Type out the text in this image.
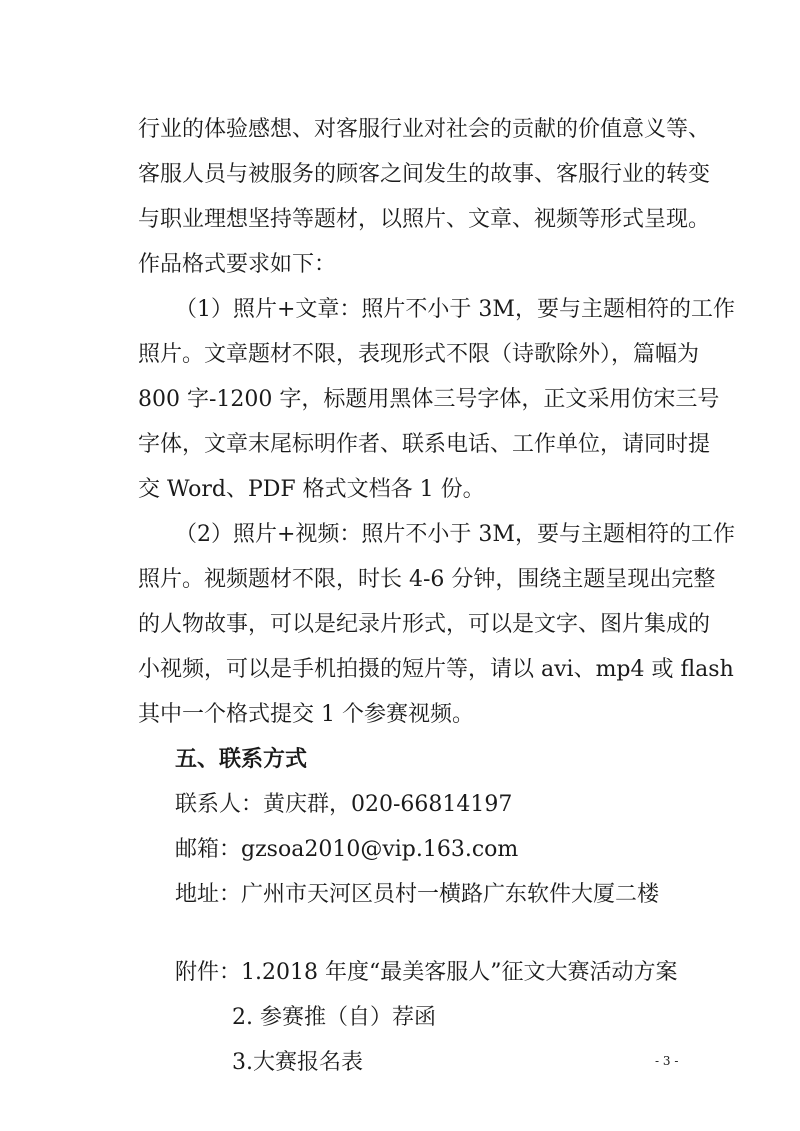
行业的体验感想、对客服行业对社会的贡献的价值意义等、
客服人员与被服务的顾客之间发生的故事、客服行业的转变
与职业理想坚持等题材，以照片、文章、视频等形式呈现。
作品格式要求如下：
（1）照片+文章：照片不小于 3M，要与主题相符的工作
照片。文章题材不限，表现形式不限（诗歌除外），篇幅为
800 字-1200 字，标题用黑体三号字体，正文采用仿宋三号
字体，文章末尾标明作者、联系电话、工作单位，请同时提
交 Word、PDF 格式文档各 1 份。
（2）照片+视频：照片不小于 3M，要与主题相符的工作
照片。视频题材不限，时长 4-6 分钟，围绕主题呈现出完整
的人物故事，可以是纪录片形式，可以是文字、图片集成的
小视频，可以是手机拍摄的短片等，请以 avi、mp4 或 flash
其中一个格式提交 1 个参赛视频。
五、联系方式
联系人：黄庆群，020-66814197
邮箱：gzsoa2010@vip.163.com
地址：广州市天河区员村一横路广东软件大厦二楼
附件：1.2018 年度“最美客服人”征文大赛活动方案
2. 参赛推（自）荐函
3.大赛报名表	- 3 -
